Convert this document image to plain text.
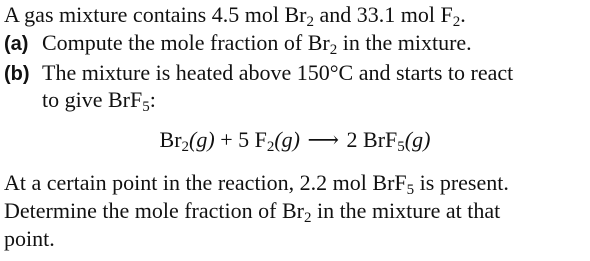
A gas mixture contains 4.5 mol $Br_2$ and 33.1 mol $F_2$.
(a) Compute the mole fraction of $Br_2$ in the mixture.
(b) The mixture is heated above 150°C and starts to react
to give BrF$_5$:
$Br_2(g) + 5$ $F_2(g)$ ⟶ 2 BrF$_5$(g)
At a certain point in the reaction, 2.2 mol BrF$_5$ is present.
Determine the mole fraction of $Br_2$ in the mixture at that
point.
